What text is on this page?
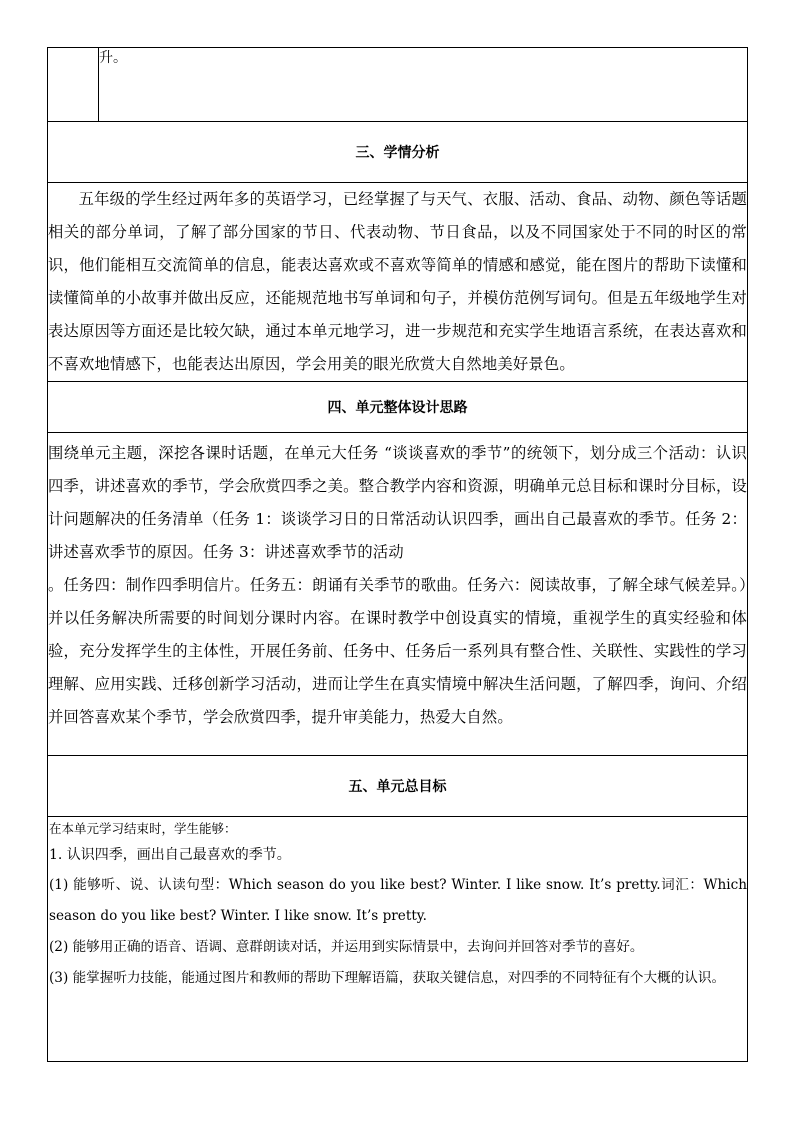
	升。
三、学情分析

五年级的学生经过两年多的英语学习，已经掌握了与天气、衣服、活动、食品、动物、颜色等话题相关的部分单词，了解了部分国家的节日、代表动物、节日食品，以及不同国家处于不同的时区的常识，他们能相互交流简单的信息，能表达喜欢或不喜欢等简单的情感和感觉，能在图片的帮助下读懂和读懂简单的小故事并做出反应，还能规范地书写单词和句子，并模仿范例写词句。但是五年级地学生对表达原因等方面还是比较欠缺，通过本单元地学习，进一步规范和充实学生地语言系统，在表达喜欢和不喜欢地情感下，也能表达出原因，学会用美的眼光欣赏大自然地美好景色。

四、单元整体设计思路

围绕单元主题，深挖各课时话题，在单元大任务 “谈谈喜欢的季节”的统领下，划分成三个活动：认识四季，讲述喜欢的季节，学会欣赏四季之美。整合教学内容和资源，明确单元总目标和课时分目标，设计问题解决的任务清单（任务 1：谈谈学习日的日常活动认识四季，画出自己最喜欢的季节。任务 2：讲述喜欢季节的原因。任务 3：讲述喜欢季节的活动

。任务四：制作四季明信片。任务五：朗诵有关季节的歌曲。任务六：阅读故事，了解全球气候差异。）并以任务解决所需要的时间划分课时内容。在课时教学中创设真实的情境，重视学生的真实经验和体验，充分发挥学生的主体性，开展任务前、任务中、任务后一系列具有整合性、关联性、实践性的学习理解、应用实践、迁移创新学习活动，进而让学生在真实情境中解决生活问题，了解四季，询问、介绍并回答喜欢某个季节，学会欣赏四季，提升审美能力，热爱大自然。

五、单元总目标

在本单元学习结束时，学生能够：

1. 认识四季，画出自己最喜欢的季节。

(1) 能够听、说、认读句型：Which season do you like best? Winter. I like snow. It’s pretty.词汇：Which season do you like best? Winter. I like snow. It’s pretty.

(2) 能够用正确的语音、语调、意群朗读对话，并运用到实际情景中，去询问并回答对季节的喜好。

(3) 能掌握听力技能，能通过图片和教师的帮助下理解语篇，获取关键信息，对四季的不同特征有个大概的认识。
